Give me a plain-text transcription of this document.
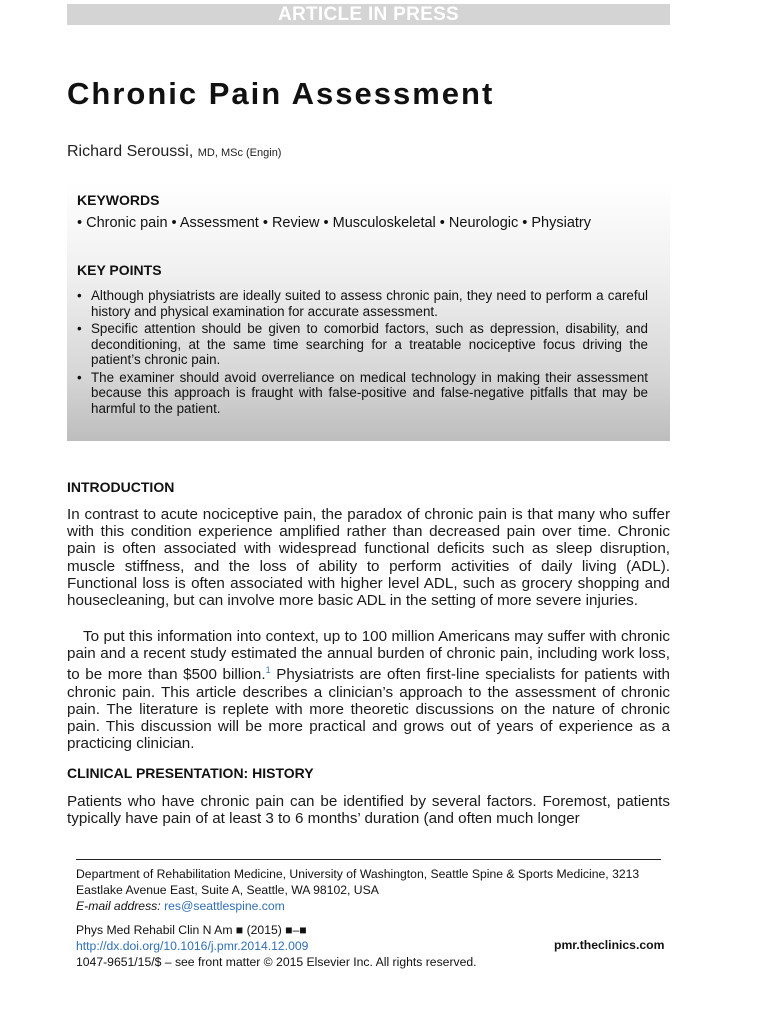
ARTICLE IN PRESS
Chronic Pain Assessment
Richard Seroussi, MD, MSc (Engin)
KEYWORDS
• Chronic pain • Assessment • Review • Musculoskeletal • Neurologic • Physiatry
KEY POINTS
• Although physiatrists are ideally suited to assess chronic pain, they need to perform a careful history and physical examination for accurate assessment.
• Specific attention should be given to comorbid factors, such as depression, disability, and deconditioning, at the same time searching for a treatable nociceptive focus driving the patient’s chronic pain.
• The examiner should avoid overreliance on medical technology in making their assessment because this approach is fraught with false-positive and false-negative pitfalls that may be harmful to the patient.
INTRODUCTION

In contrast to acute nociceptive pain, the paradox of chronic pain is that many who suffer with this condition experience amplified rather than decreased pain over time. Chronic pain is often associated with widespread functional deficits such as sleep disruption, muscle stiffness, and the loss of ability to perform activities of daily living (ADL). Functional loss is often associated with higher level ADL, such as grocery shopping and housecleaning, but can involve more basic ADL in the setting of more severe injuries.

To put this information into context, up to 100 million Americans may suffer with chronic pain and a recent study estimated the annual burden of chronic pain, including work loss, to be more than $500 billion.$^1$ Physiatrists are often first-line specialists for patients with chronic pain. This article describes a clinician’s approach to the assessment of chronic pain. The literature is replete with more theoretic discussions on the nature of chronic pain. This discussion will be more practical and grows out of years of experience as a practicing clinician.

CLINICAL PRESENTATION: HISTORY

Patients who have chronic pain can be identified by several factors. Foremost, patients typically have pain of at least 3 to 6 months’ duration (and often much longer

Department of Rehabilitation Medicine, University of Washington, Seattle Spine & Sports Medicine, 3213 Eastlake Avenue East, Suite A, Seattle, WA 98102, USA
E-mail address: res@seattlespine.com
Phys Med Rehabil Clin N Am ■ (2015) ■–■
http://dx.doi.org/10.1016/j.pmr.2014.12.009
1047-9651/15/$ – see front matter © 2015 Elsevier Inc. All rights reserved.
pmr.theclinics.com
